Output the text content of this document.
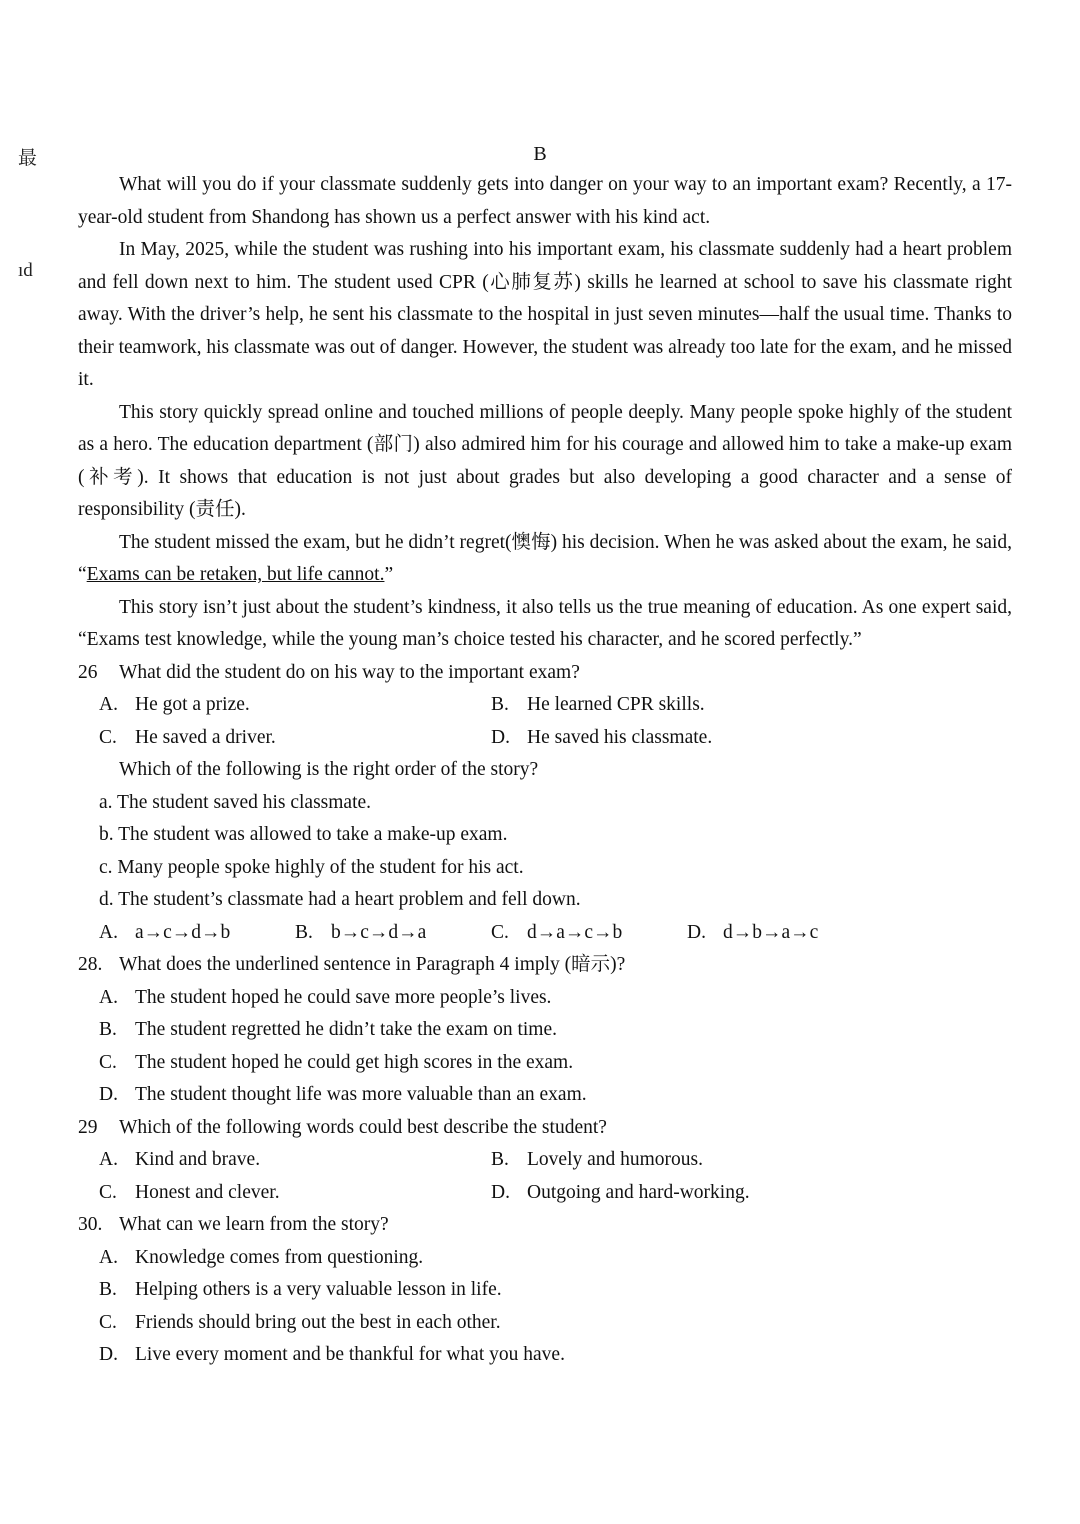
最
ıd
B

What will you do if your classmate suddenly gets into danger on your way to an important exam? Recently, a 17-year-old student from Shandong has shown us a perfect answer with his kind act.

In May, 2025, while the student was rushing into his important exam, his classmate suddenly had a heart problem and fell down next to him. The student used CPR (心肺复苏) skills he learned at school to save his classmate right away. With the driver’s help, he sent his classmate to the hospital in just seven minutes—half the usual time. Thanks to their teamwork, his classmate was out of danger. However, the student was already too late for the exam, and he missed it.

This story quickly spread online and touched millions of people deeply. Many people spoke highly of the student as a hero. The education department (部门) also admired him for his courage and allowed him to take a make-up exam (补考). It shows that education is not just about grades but also developing a good character and a sense of responsibility (责任).

The student missed the exam, but he didn’t regret(懊悔) his decision. When he was asked about the exam, he said, “Exams can be retaken, but life cannot.”

This story isn’t just about the student’s kindness, it also tells us the true meaning of education. As one expert said, “Exams test knowledge, while the young man’s choice tested his character, and he scored perfectly.”

26	What did the student do on his way to the important exam?
A. He got a prize.	B. He learned CPR skills.
C. He saved a driver.	D. He saved his classmate.
Which of the following is the right order of the story?
a. The student saved his classmate.
b. The student was allowed to take a make-up exam.
c. Many people spoke highly of the student for his act.
d. The student’s classmate had a heart problem and fell down.
A. a→c→d→b	B. b→c→d→a	C. d→a→c→b	D. d→b→a→c
28. What does the underlined sentence in Paragraph 4 imply (暗示)?
A. The student hoped he could save more people’s lives.
B. The student regretted he didn’t take the exam on time.
C. The student hoped he could get high scores in the exam.
D. The student thought life was more valuable than an exam.
29	Which of the following words could best describe the student?
A. Kind and brave.	B. Lovely and humorous.
C. Honest and clever.	D. Outgoing and hard-working.
30. What can we learn from the story?
A. Knowledge comes from questioning.
B. Helping others is a very valuable lesson in life.
C. Friends should bring out the best in each other.
D. Live every moment and be thankful for what you have.
